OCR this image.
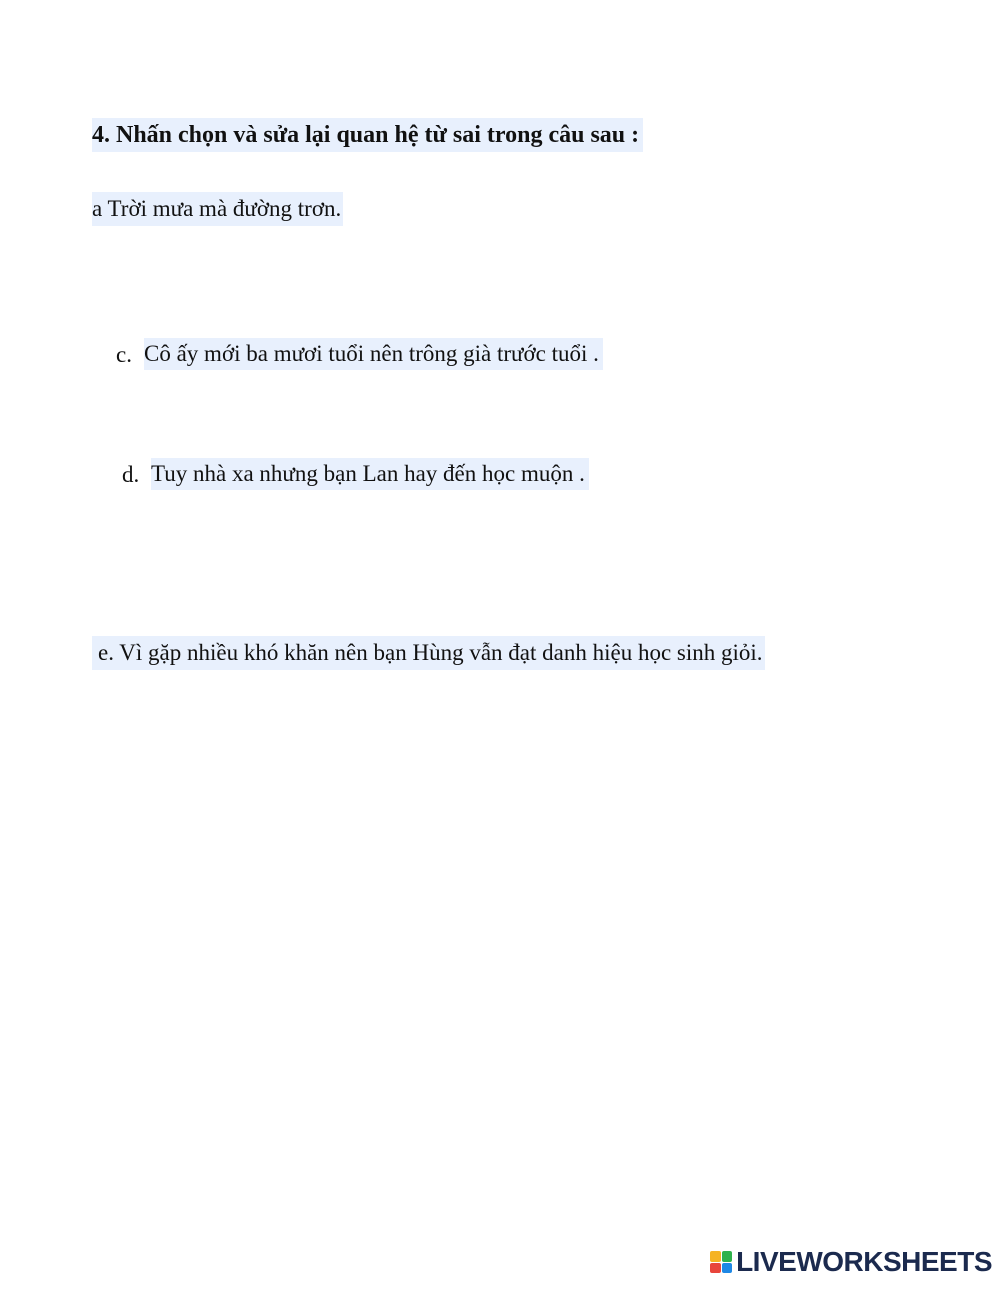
4. Nhấn chọn và sửa lại quan hệ từ sai trong câu sau :
a Trời mưa mà đường trơn.
c. Cô ấy mới ba mươi tuổi nên trông già trước tuổi .
d. Tuy nhà xa nhưng bạn Lan hay đến học muộn .
e. Vì gặp nhiều khó khăn nên bạn Hùng vẫn đạt danh hiệu học sinh giỏi.
LIVEWORKSHEETS
